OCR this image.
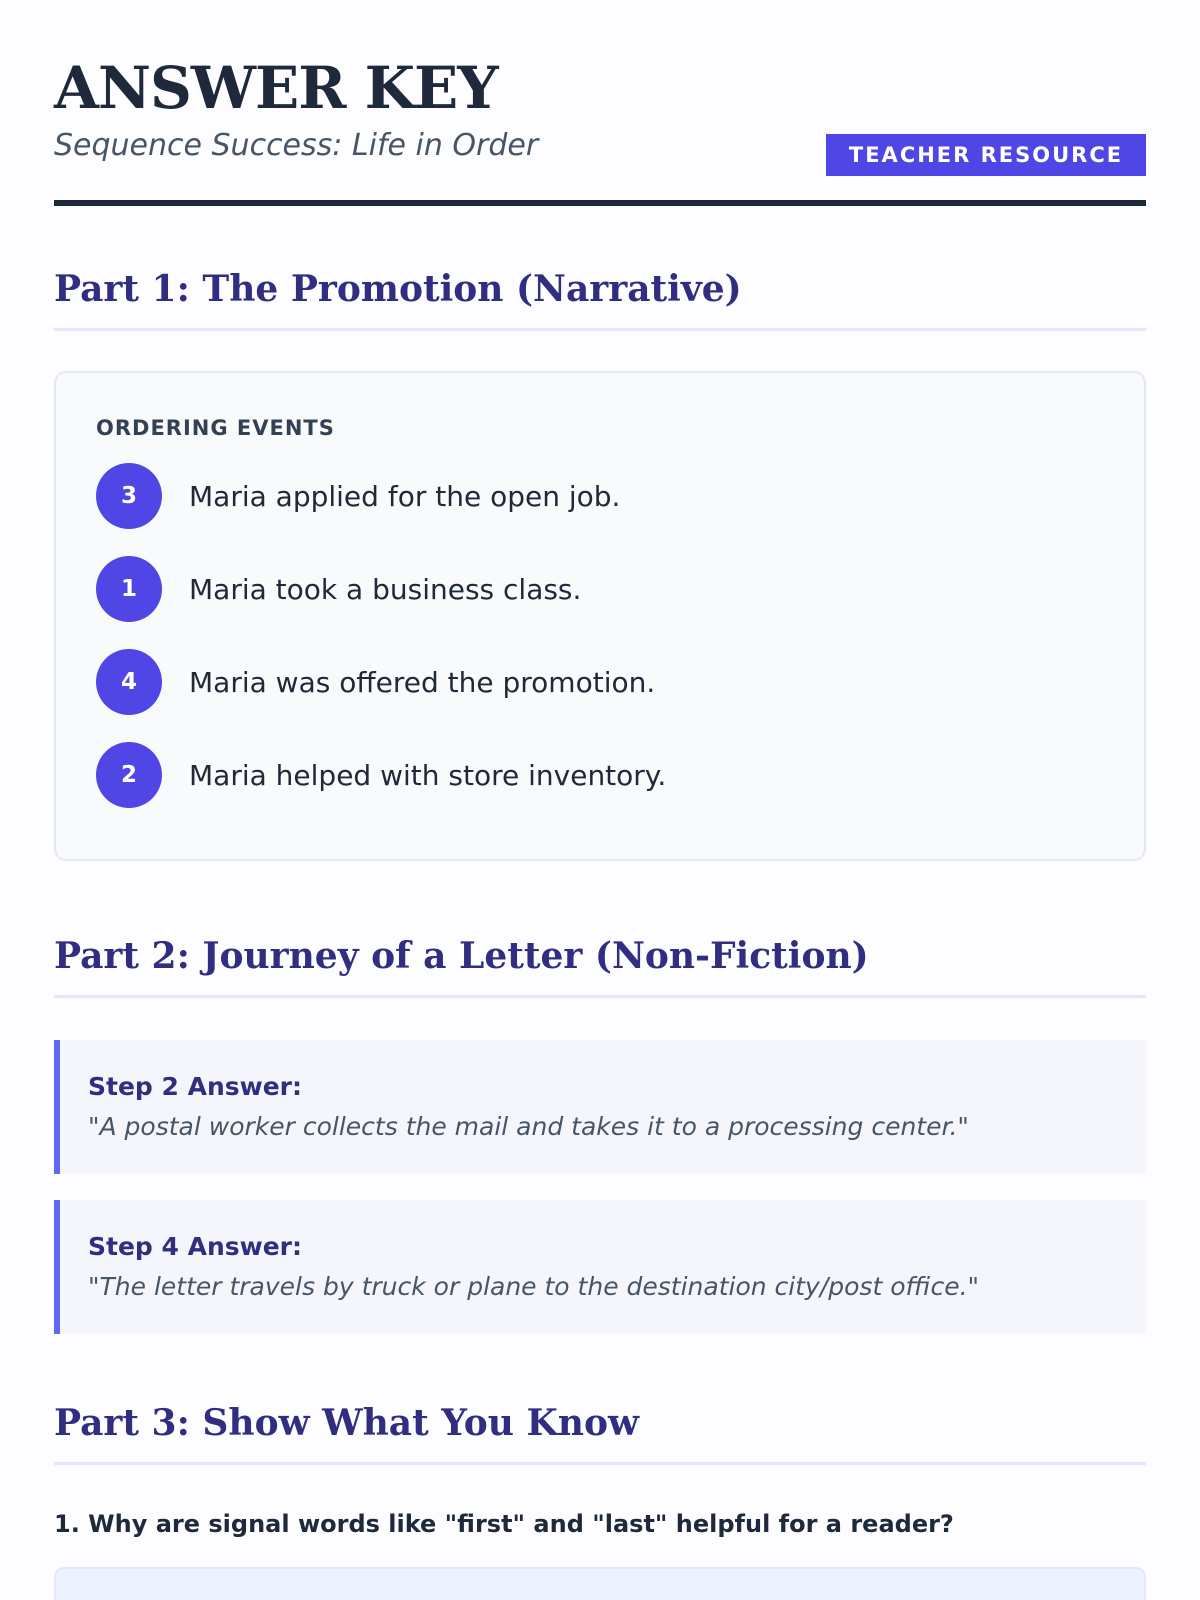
ANSWER KEY
Sequence Success: Life in Order	TEACHER RESOURCE
Part 1: The Promotion (Narrative)
ORDERING EVENTS
3	Maria applied for the open job.
1	Maria took a business class.
4	Maria was offered the promotion.
2	Maria helped with store inventory.
Part 2: Journey of a Letter (Non-Fiction)
Step 2 Answer:
"A postal worker collects the mail and takes it to a processing center."
Step 4 Answer:
"The letter travels by truck or plane to the destination city/post office."
Part 3: Show What You Know
1. Why are signal words like "first" and "last" helpful for a reader?
